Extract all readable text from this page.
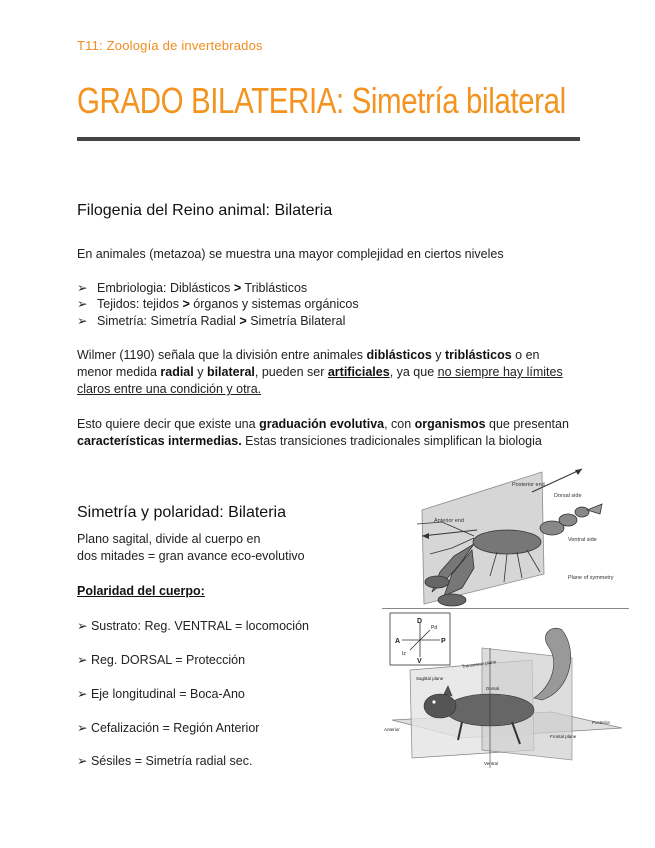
T11: Zoología de invertebrados
GRADO BILATERIA: Simetría bilateral
Filogenia del Reino animal: Bilateria
En animales (metazoa) se muestra una mayor complejidad en ciertos niveles
➢ Embriologia: Diblásticos > Triblásticos
➢ Tejidos: tejidos > órganos y sistemas orgánicos
➢ Simetría: Simetría Radial > Simetría Bilateral
Wilmer (1190) señala que la división entre animales diblásticos y triblásticos o en menor medida radial y bilateral, pueden ser artificiales, ya que no siempre hay límites claros entre una condición y otra.
Esto quiere decir que existe una graduación evolutiva, con organismos que presentan características intermedias. Estas transiciones tradicionales simplifican la biologia
Simetría y polaridad: Bilateria
Plano sagital, divide al cuerpo en
dos mitades = gran avance eco-evolutivo
Polaridad del cuerpo:
➢ Sustrato: Reg. VENTRAL = locomoción
➢ Reg. DORSAL = Protección
➢ Eje longitudinal = Boca-Ano
➢ Cefalización = Región Anterior
➢ Sésiles = Simetría radial sec.
Posterior end
Dorsal side
Anterior end
Ventral side
Plane of symmetry
D
A	P
V
Pd
Iz
Transverse plane
Sagittal plane
Dorsal
Anterior
Posterior
Frontal plane
Ventral
